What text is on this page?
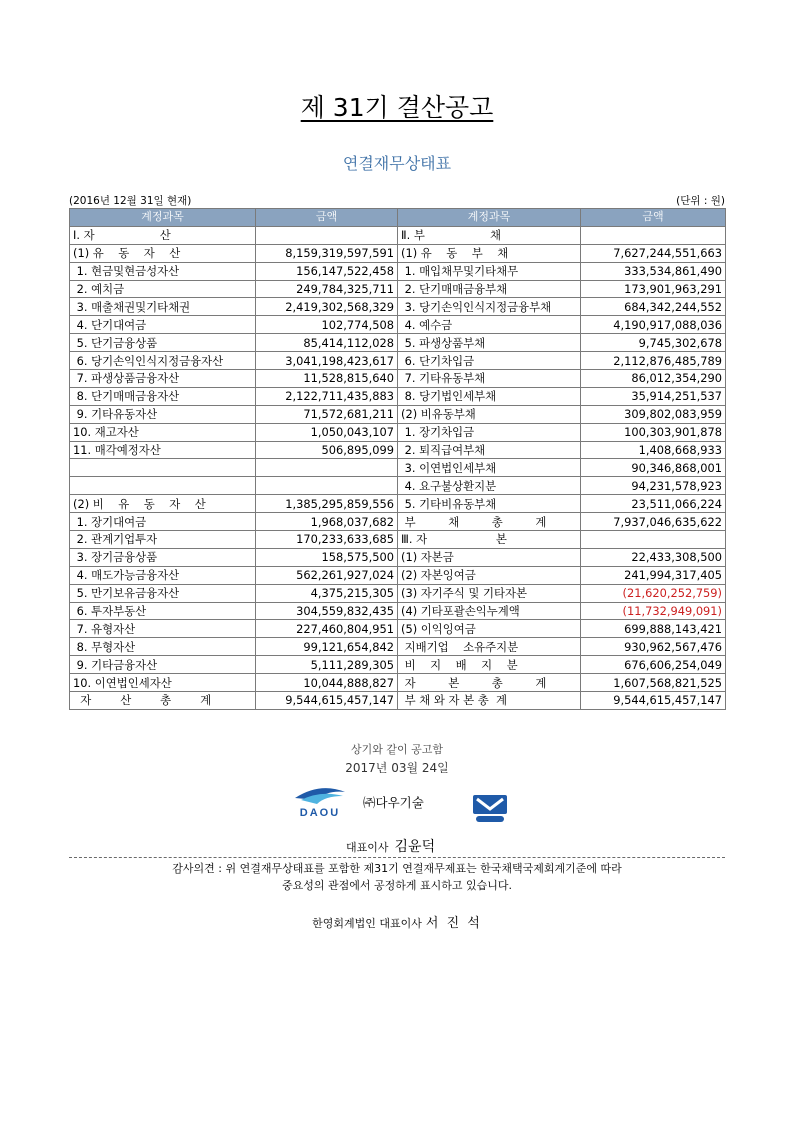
제 31기 결산공고
연결재무상태표
(2016년 12월 31일 현재)	(단위 : 원)
계정과목	금액	계정과목	금액
Ⅰ. 자                  산		Ⅱ. 부                  채	
(1) 유    동    자    산	8,159,319,597,591	(1) 유    동    부    채	7,627,244,551,663
1. 현금및현금성자산	156,147,522,458	1. 매입채무및기타채무	333,534,861,490
2. 예치금	249,784,325,711	2. 단기매매금융부채	173,901,963,291
3. 매출채권및기타채권	2,419,302,568,329	3. 당기손익인식지정금융부채	684,342,244,552
4. 단기대여금	102,774,508	4. 예수금	4,190,917,088,036
5. 단기금융상품	85,414,112,028	5. 파생상품부채	9,745,302,678
6. 당기손익인식지정금융자산	3,041,198,423,617	6. 단기차입금	2,112,876,485,789
7. 파생상품금융자산	11,528,815,640	7. 기타유동부채	86,012,354,290
8. 단기매매금융자산	2,122,711,435,883	8. 당기법인세부채	35,914,251,537
9. 기타유동자산	71,572,681,211	(2) 비유동부채	309,802,083,959
10. 재고자산	1,050,043,107	1. 장기차입금	100,303,901,878
11. 매각예정자산	506,895,099	2. 퇴직급여부채	1,408,668,933
		3. 이연법인세부채	90,346,868,001
		4. 요구불상환지분	94,231,578,923
(2) 비    유    동    자    산	1,385,295,859,556	5. 기타비유동부채	23,511,066,224
1. 장기대여금	1,968,037,682	부         채         총         계	7,937,046,635,622
2. 관계기업투자	170,233,633,685	Ⅲ. 자                   본	
3. 장기금융상품	158,575,500	(1) 자본금	22,433,308,500
4. 매도가능금융자산	562,261,927,024	(2) 자본잉여금	241,994,317,405
5. 만기보유금융자산	4,375,215,305	(3) 자기주식 및 기타자본	(21,620,252,759)
6. 투자부동산	304,559,832,435	(4) 기타포괄손익누계액	(11,732,949,091)
7. 유형자산	227,460,804,951	(5) 이익잉여금	699,888,143,421
8. 무형자산	99,121,654,842	지배기업    소유주지분	930,962,567,476
9. 기타금융자산	5,111,289,305	비    지    배    지    분	676,606,254,049
10. 이연법인세자산	10,044,888,827	자         본         총         계	1,607,568,821,525
자        산        총        계	9,544,615,457,147	부 채 와 자 본 총  계	9,544,615,457,147
상기와 같이 공고함
2017년 03월 24일
DAOU
㈜다우기술
대표이사 김윤덕
감사의견 : 위 연결재무상태표를 포함한 제31기 연결재무제표는 한국채택국제회계기준에 따라
중요성의 관점에서 공정하게 표시하고 있습니다.
한영회계법인 대표이사 서 진 석
